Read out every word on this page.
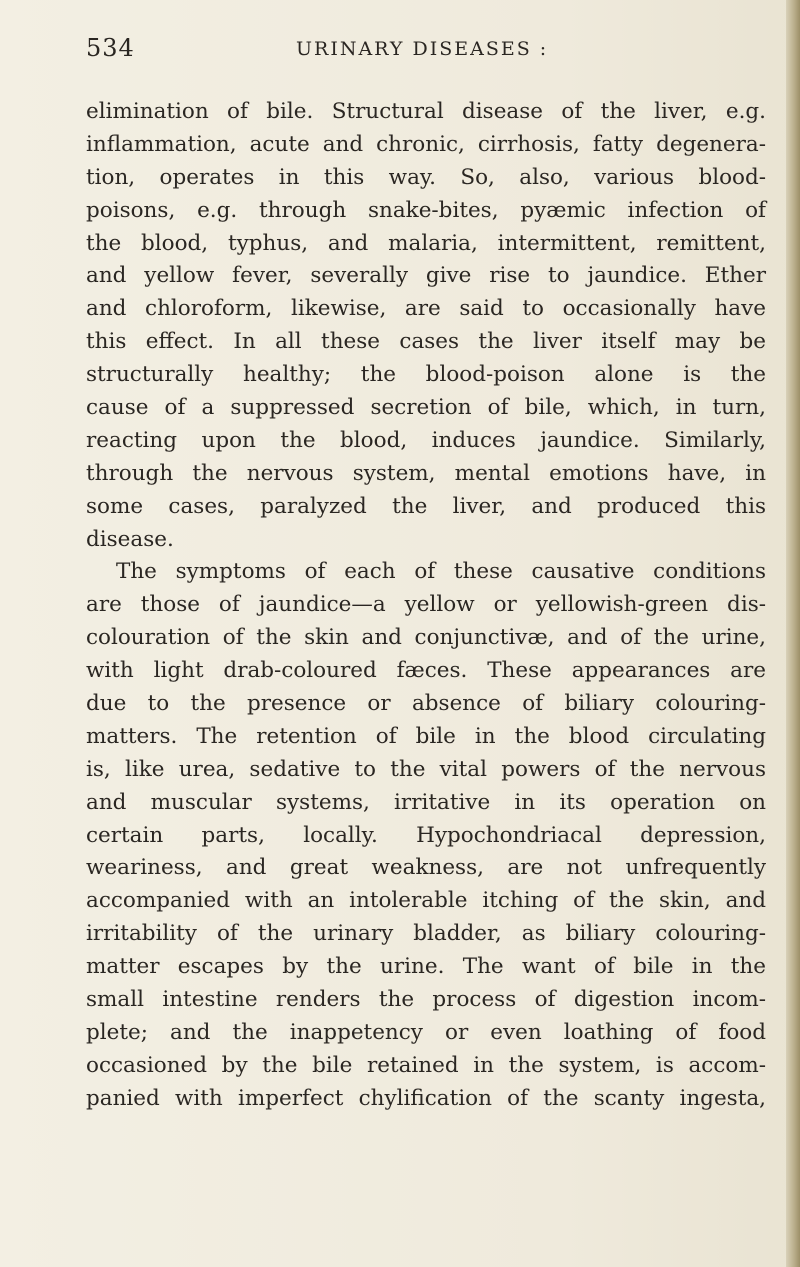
534	URINARY DISEASES :
elimination of bile. Structural disease of the liver, e.g.
inflammation, acute and chronic, cirrhosis, fatty degenera-
tion, operates in this way. So, also, various blood-
poisons, e.g. through snake-bites, pyæmic infection of
the blood, typhus, and malaria, intermittent, remittent,
and yellow fever, severally give rise to jaundice. Ether
and chloroform, likewise, are said to occasionally have
this effect. In all these cases the liver itself may be
structurally healthy; the blood-poison alone is the
cause of a suppressed secretion of bile, which, in turn,
reacting upon the blood, induces jaundice. Similarly,
through the nervous system, mental emotions have, in
some cases, paralyzed the liver, and produced this
disease.
The symptoms of each of these causative conditions
are those of jaundice—a yellow or yellowish-green dis-
colouration of the skin and conjunctivæ, and of the urine,
with light drab-coloured fæces. These appearances are
due to the presence or absence of biliary colouring-
matters. The retention of bile in the blood circulating
is, like urea, sedative to the vital powers of the nervous
and muscular systems, irritative in its operation on
certain parts, locally. Hypochondriacal depression,
weariness, and great weakness, are not unfrequently
accompanied with an intolerable itching of the skin, and
irritability of the urinary bladder, as biliary colouring-
matter escapes by the urine. The want of bile in the
small intestine renders the process of digestion incom-
plete; and the inappetency or even loathing of food
occasioned by the bile retained in the system, is accom-
panied with imperfect chylification of the scanty ingesta,
